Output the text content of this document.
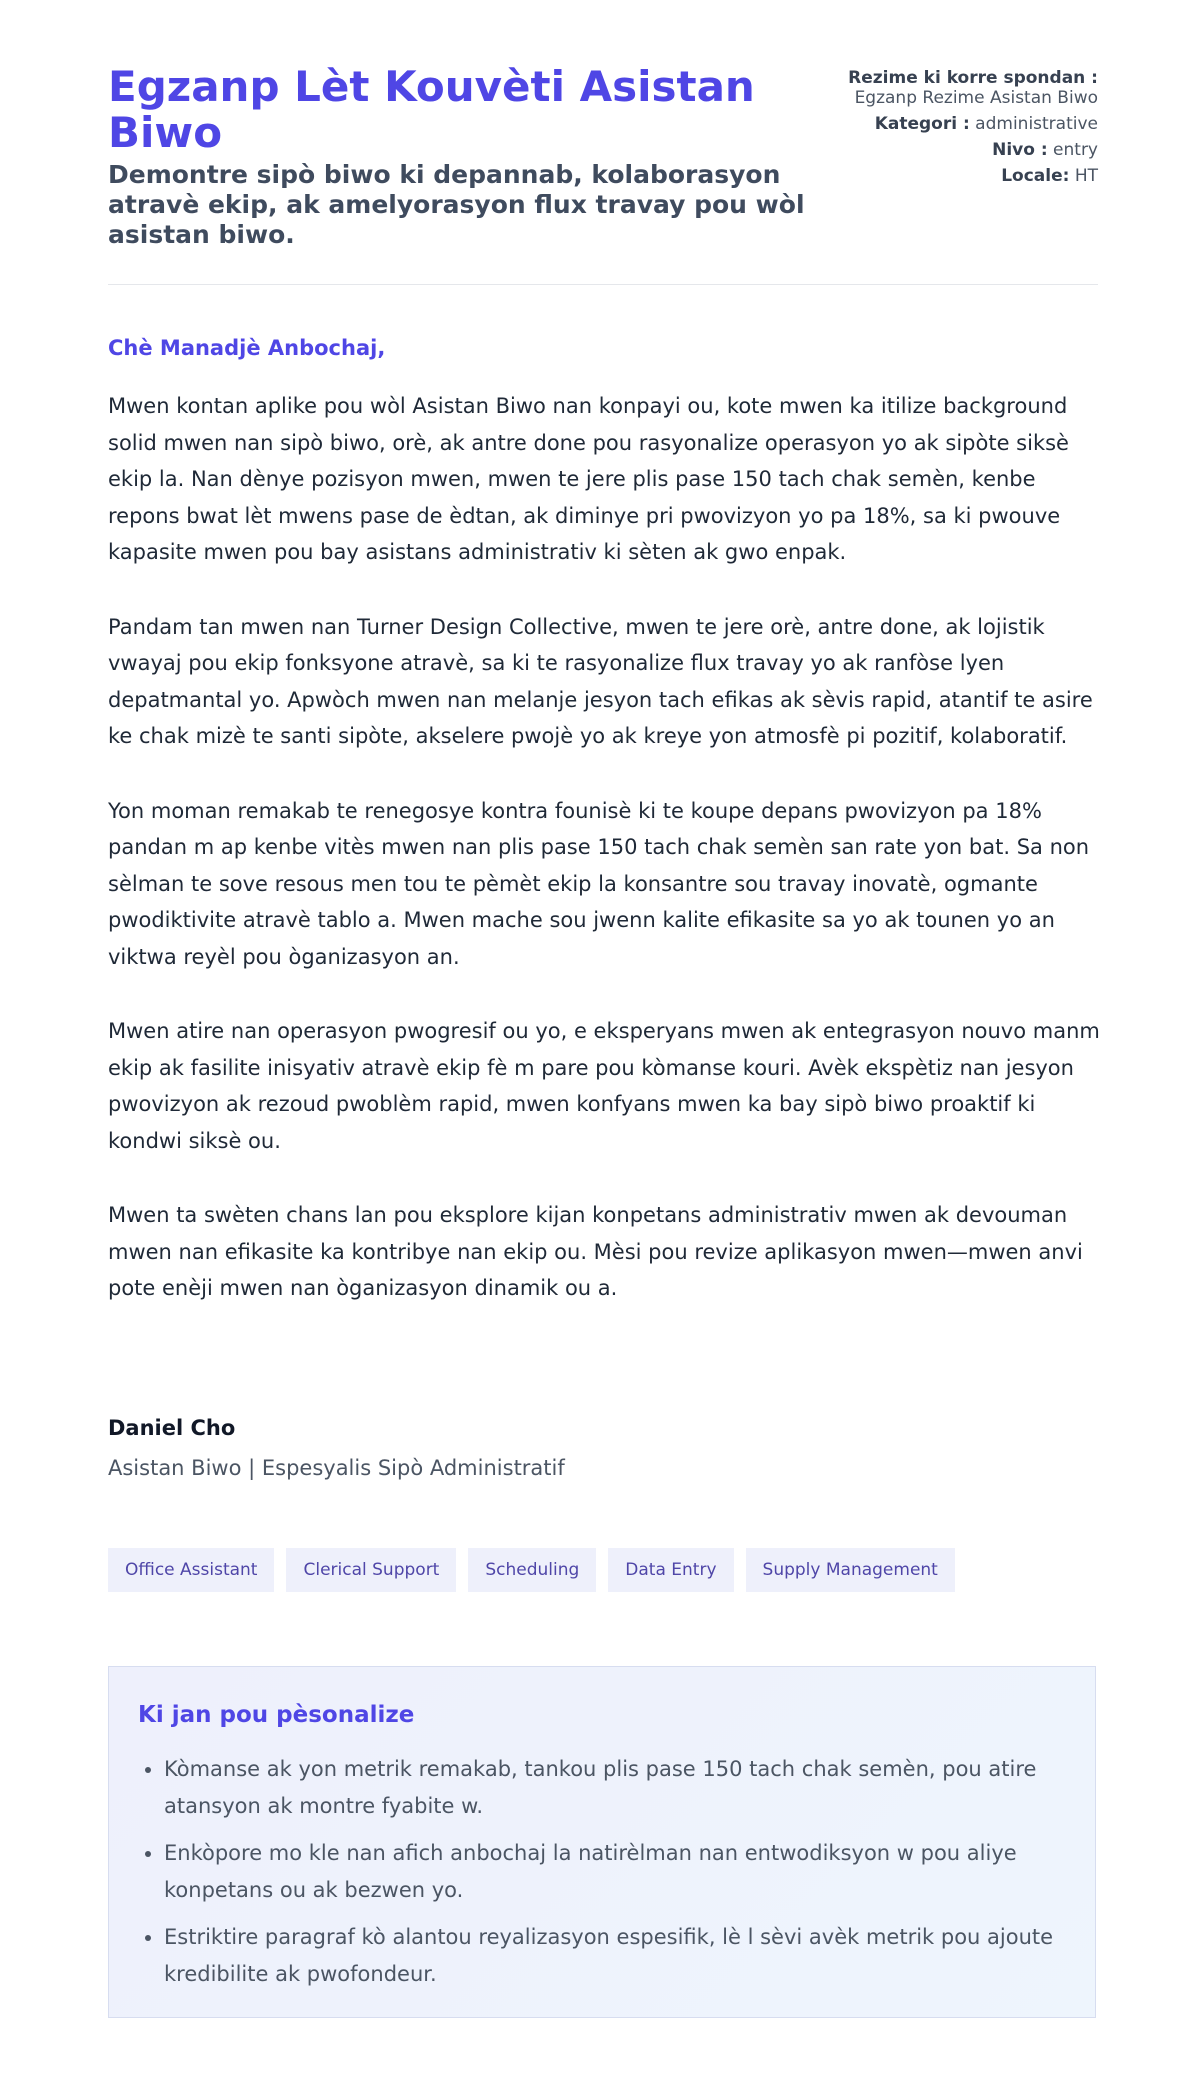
Egzanp Lèt Kouvèti Asistan Biwo
Demontre sipò biwo ki depannab, kolaborasyon atravè ekip, ak amelyorasyon flux travay pou wòl asistan biwo.
Rezime ki korre spondan : Egzanp Rezime Asistan Biwo
Kategori : administrative
Nivo : entry
Locale: HT

Chè Manadjè Anbochaj,

Mwen kontan aplike pou wòl Asistan Biwo nan konpayi ou, kote mwen ka itilize background solid mwen nan sipò biwo, orè, ak antre done pou rasyonalize operasyon yo ak sipòte siksè ekip la. Nan dènye pozisyon mwen, mwen te jere plis pase 150 tach chak semèn, kenbe repons bwat lèt mwens pase de èdtan, ak diminye pri pwovizyon yo pa 18%, sa ki pwouve kapasite mwen pou bay asistans administrativ ki sèten ak gwo enpak.

Pandam tan mwen nan Turner Design Collective, mwen te jere orè, antre done, ak lojistik vwayaj pou ekip fonksyone atravè, sa ki te rasyonalize flux travay yo ak ranfòse lyen depatmantal yo. Apwòch mwen nan melanje jesyon tach efikas ak sèvis rapid, atantif te asire ke chak mizè te santi sipòte, akselere pwojè yo ak kreye yon atmosfè pi pozitif, kolaboratif.

Yon moman remakab te renegosye kontra founisè ki te koupe depans pwovizyon pa 18% pandan m ap kenbe vitès mwen nan plis pase 150 tach chak semèn san rate yon bat. Sa non sèlman te sove resous men tou te pèmèt ekip la konsantre sou travay inovatè, ogmante pwodiktivite atravè tablo a. Mwen mache sou jwenn kalite efikasite sa yo ak tounen yo an viktwa reyèl pou òganizasyon an.

Mwen atire nan operasyon pwogresif ou yo, e eksperyans mwen ak entegrasyon nouvo manm ekip ak fasilite inisyativ atravè ekip fè m pare pou kòmanse kouri. Avèk ekspètiz nan jesyon pwovizyon ak rezoud pwoblèm rapid, mwen konfyans mwen ka bay sipò biwo proaktif ki kondwi siksè ou.

Mwen ta swèten chans lan pou eksplore kijan konpetans administrativ mwen ak devouman mwen nan efikasite ka kontribye nan ekip ou. Mèsi pou revize aplikasyon mwen—mwen anvi pote enèji mwen nan òganizasyon dinamik ou a.

Daniel Cho

Asistan Biwo | Espesyalis Sipò Administratif

Office Assistant	Clerical Support	Scheduling	Data Entry	Supply Management
Ki jan pou pèsonalize
• Kòmanse ak yon metrik remakab, tankou plis pase 150 tach chak semèn, pou atire atansyon ak montre fyabite w.
• Enkòpore mo kle nan afich anbochaj la natirèlman nan entwodiksyon w pou aliye konpetans ou ak bezwen yo.
• Estriktire paragraf kò alantou reyalizasyon espesifik, lè l sèvi avèk metrik pou ajoute kredibilite ak pwofondeur.
